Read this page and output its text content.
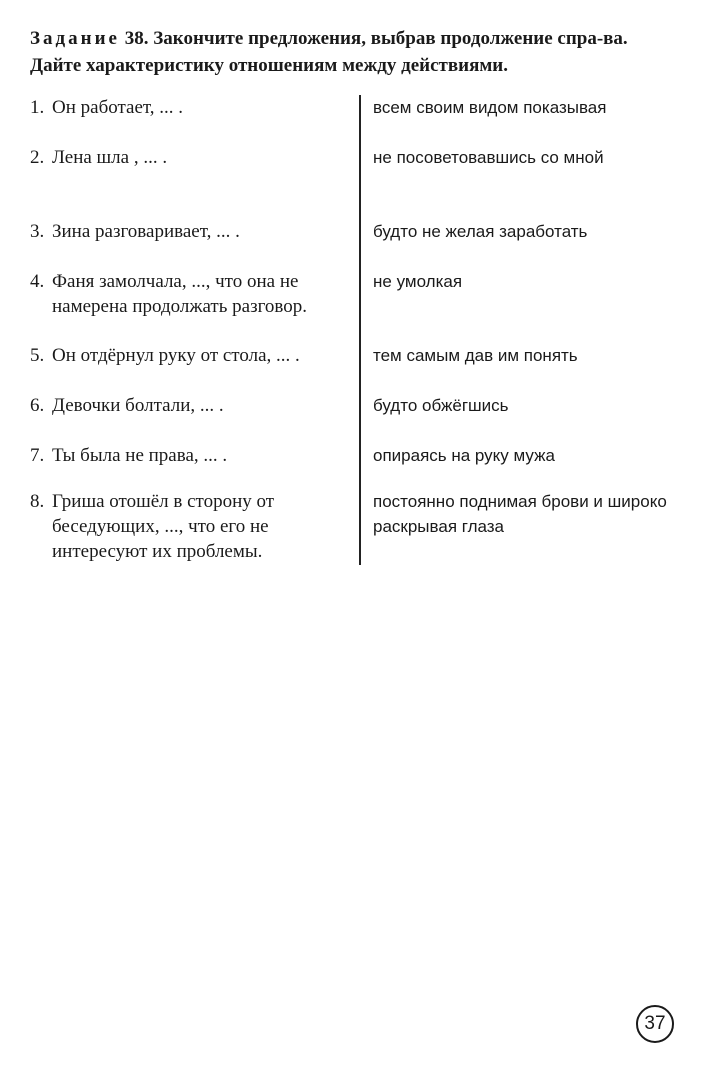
Задание 38. Закончите предложения, выбрав продолжение спра-ва. Дайте характеристику отношениям между действиями.
1. Он работает, ... .
2. Лена шла , ... .
3. Зина разговаривает, ... .
4. Фаня замолчала, ..., что она не намерена продолжать разговор.
5. Он отдёрнул руку от стола, ... .
6. Девочки болтали, ... .
7. Ты была не права, ... .
8. Гриша отошёл в сторону от беседующих, ..., что его не интересуют их проблемы.
всем своим видом показывая
не посоветовавшись со мной
будто не желая заработать
не умолкая
тем самым дав им понять
будто обжёгшись
опираясь на руку мужа
постоянно поднимая брови и широко раскрывая глаза
37
